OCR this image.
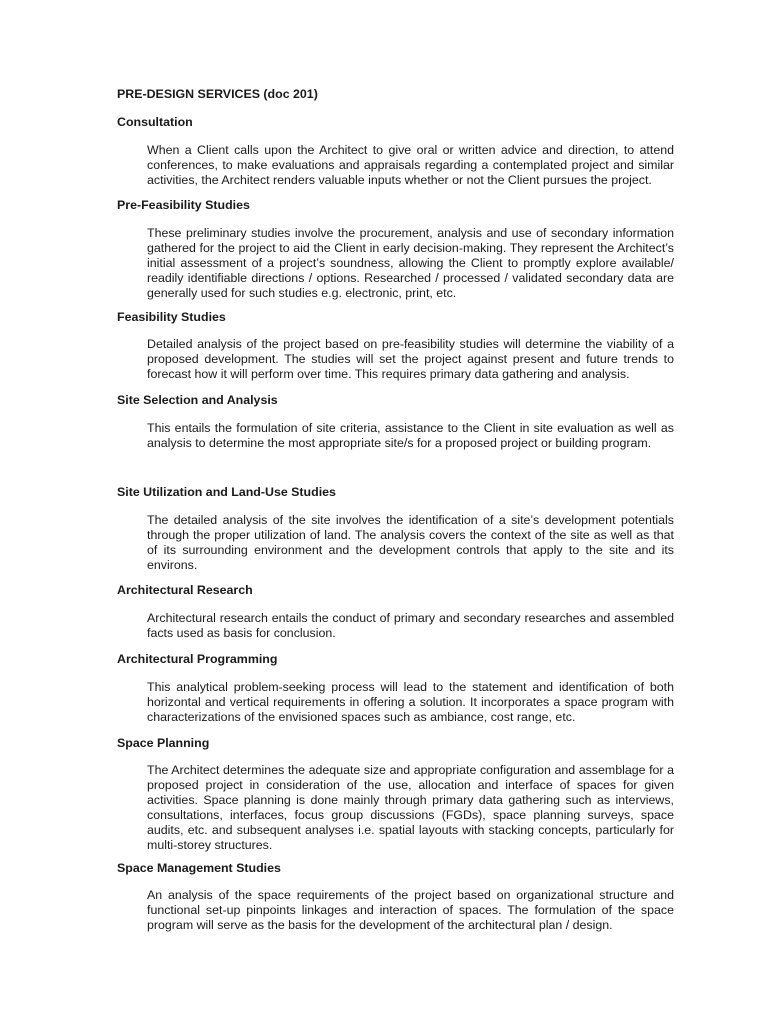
PRE-DESIGN SERVICES (doc 201)
Consultation

When a Client calls upon the Architect to give oral or written advice and direction, to attend conferences, to make evaluations and appraisals regarding a contemplated project and similar activities, the Architect renders valuable inputs whether or not the Client pursues the project.

Pre-Feasibility Studies

These preliminary studies involve the procurement, analysis and use of secondary information gathered for the project to aid the Client in early decision-making. They represent the Architect’s initial assessment of a project’s soundness, allowing the Client to promptly explore available/ readily identifiable directions / options. Researched / processed / validated secondary data are generally used for such studies e.g. electronic, print, etc.

Feasibility Studies

Detailed analysis of the project based on pre-feasibility studies will determine the viability of a proposed development. The studies will set the project against present and future trends to forecast how it will perform over time. This requires primary data gathering and analysis.

Site Selection and Analysis

This entails the formulation of site criteria, assistance to the Client in site evaluation as well as analysis to determine the most appropriate site/s for a proposed project or building program.

Site Utilization and Land-Use Studies

The detailed analysis of the site involves the identification of a site’s development potentials through the proper utilization of land. The analysis covers the context of the site as well as that of its surrounding environment and the development controls that apply to the site and its environs.

Architectural Research

Architectural research entails the conduct of primary and secondary researches and assembled facts used as basis for conclusion.

Architectural Programming

This analytical problem-seeking process will lead to the statement and identification of both horizontal and vertical requirements in offering a solution. It incorporates a space program with characterizations of the envisioned spaces such as ambiance, cost range, etc.

Space Planning

The Architect determines the adequate size and appropriate configuration and assemblage for a proposed project in consideration of the use, allocation and interface of spaces for given activities. Space planning is done mainly through primary data gathering such as interviews, consultations, interfaces, focus group discussions (FGDs), space planning surveys, space audits, etc. and subsequent analyses i.e. spatial layouts with stacking concepts, particularly for multi-storey structures.

Space Management Studies

An analysis of the space requirements of the project based on organizational structure and functional set-up pinpoints linkages and interaction of spaces. The formulation of the space program will serve as the basis for the development of the architectural plan / design.
